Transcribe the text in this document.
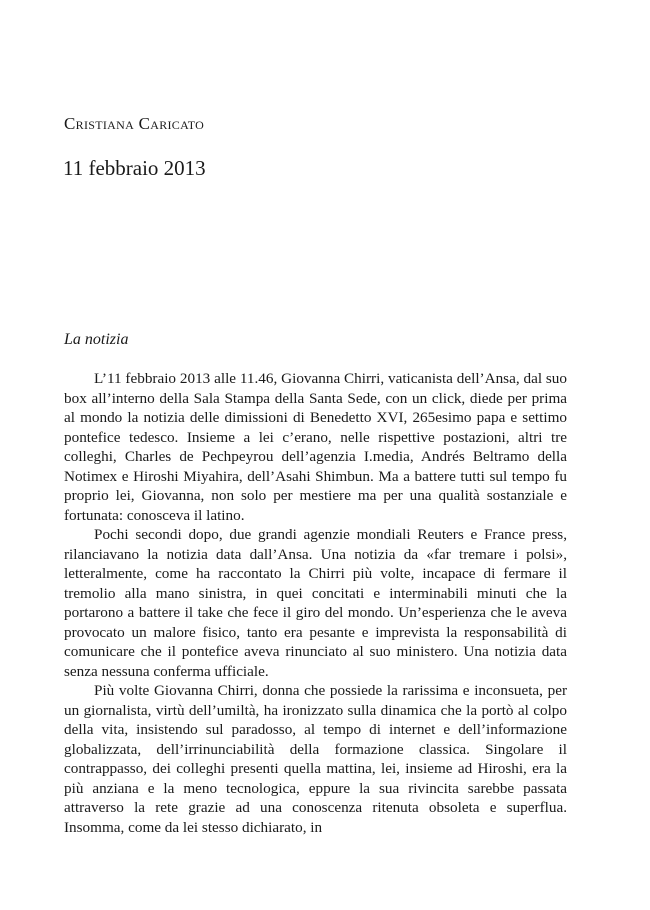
Cristiana Caricato
11 febbraio 2013
La notizia

L’11 febbraio 2013 alle 11.46, Giovanna Chirri, vaticanista dell’Ansa, dal suo box all’interno della Sala Stampa della Santa Sede, con un click, diede per prima al mondo la notizia delle dimissioni di Benedetto XVI, 265esimo papa e settimo pontefice tedesco. Insieme a lei c’erano, nelle rispettive postazioni, altri tre colleghi, Charles de Pechpeyrou dell’agenzia I.media, Andrés Beltramo della Notimex e Hiroshi Miyahira, dell’Asahi Shimbun. Ma a battere tutti sul tempo fu proprio lei, Giovanna, non solo per mestiere ma per una qualità sostanziale e fortunata: conosceva il latino.

Pochi secondi dopo, due grandi agenzie mondiali Reuters e France press, rilanciavano la notizia data dall’Ansa. Una notizia da «far tremare i polsi», letteralmente, come ha raccontato la Chirri più volte, incapace di fermare il tremolio alla mano sinistra, in quei concitati e interminabili minuti che la portarono a battere il take che fece il giro del mondo. Un’esperienza che le aveva provocato un malore fisico, tanto era pesante e imprevista la responsabilità di comunicare che il pontefice aveva rinunciato al suo ministero. Una notizia data senza nessuna conferma ufficiale.

Più volte Giovanna Chirri, donna che possiede la rarissima e inconsueta, per un giornalista, virtù dell’umiltà, ha ironizzato sulla dinamica che la portò al colpo della vita, insistendo sul paradosso, al tempo di internet e dell’informazione globalizzata, dell’irrinunciabilità della formazione classica. Singolare il contrappasso, dei colleghi presenti quella mattina, lei, insieme ad Hiroshi, era la più anziana e la meno tecnologica, eppure la sua rivincita sarebbe passata attraverso la rete grazie ad una conoscenza ritenuta obsoleta e superflua. Insomma, come da lei stesso dichiarato, in
